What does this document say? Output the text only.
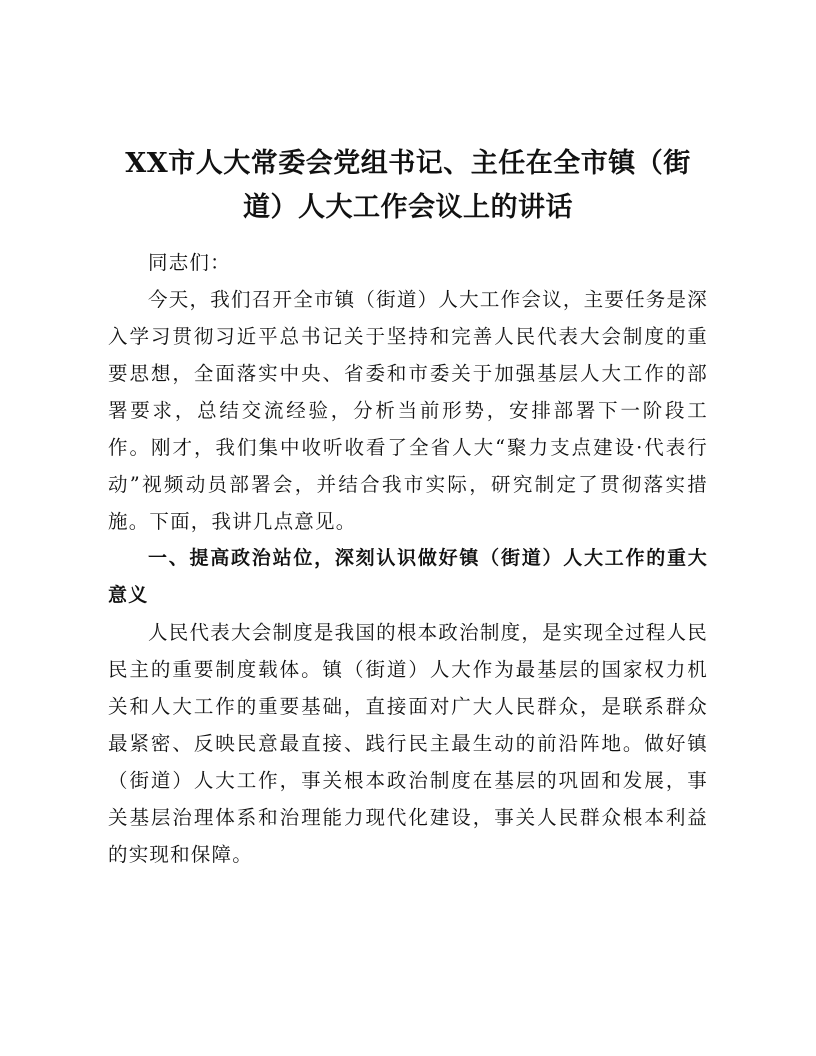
XX市人大常委会党组书记、主任在全市镇（街
道）人大工作会议上的讲话

同志们：

今天，我们召开全市镇（街道）人大工作会议，主要任务是深入学习贯彻习近平总书记关于坚持和完善人民代表大会制度的重要思想，全面落实中央、省委和市委关于加强基层人大工作的部署要求，总结交流经验，分析当前形势，安排部署下一阶段工作。刚才，我们集中收听收看了全省人大“聚力支点建设·代表行动”视频动员部署会，并结合我市实际，研究制定了贯彻落实措施。下面，我讲几点意见。

一、提高政治站位，深刻认识做好镇（街道）人大工作的重大意义

人民代表大会制度是我国的根本政治制度，是实现全过程人民民主的重要制度载体。镇（街道）人大作为最基层的国家权力机关和人大工作的重要基础，直接面对广大人民群众，是联系群众最紧密、反映民意最直接、践行民主最生动的前沿阵地。做好镇（街道）人大工作，事关根本政治制度在基层的巩固和发展，事关基层治理体系和治理能力现代化建设，事关人民群众根本利益的实现和保障。
